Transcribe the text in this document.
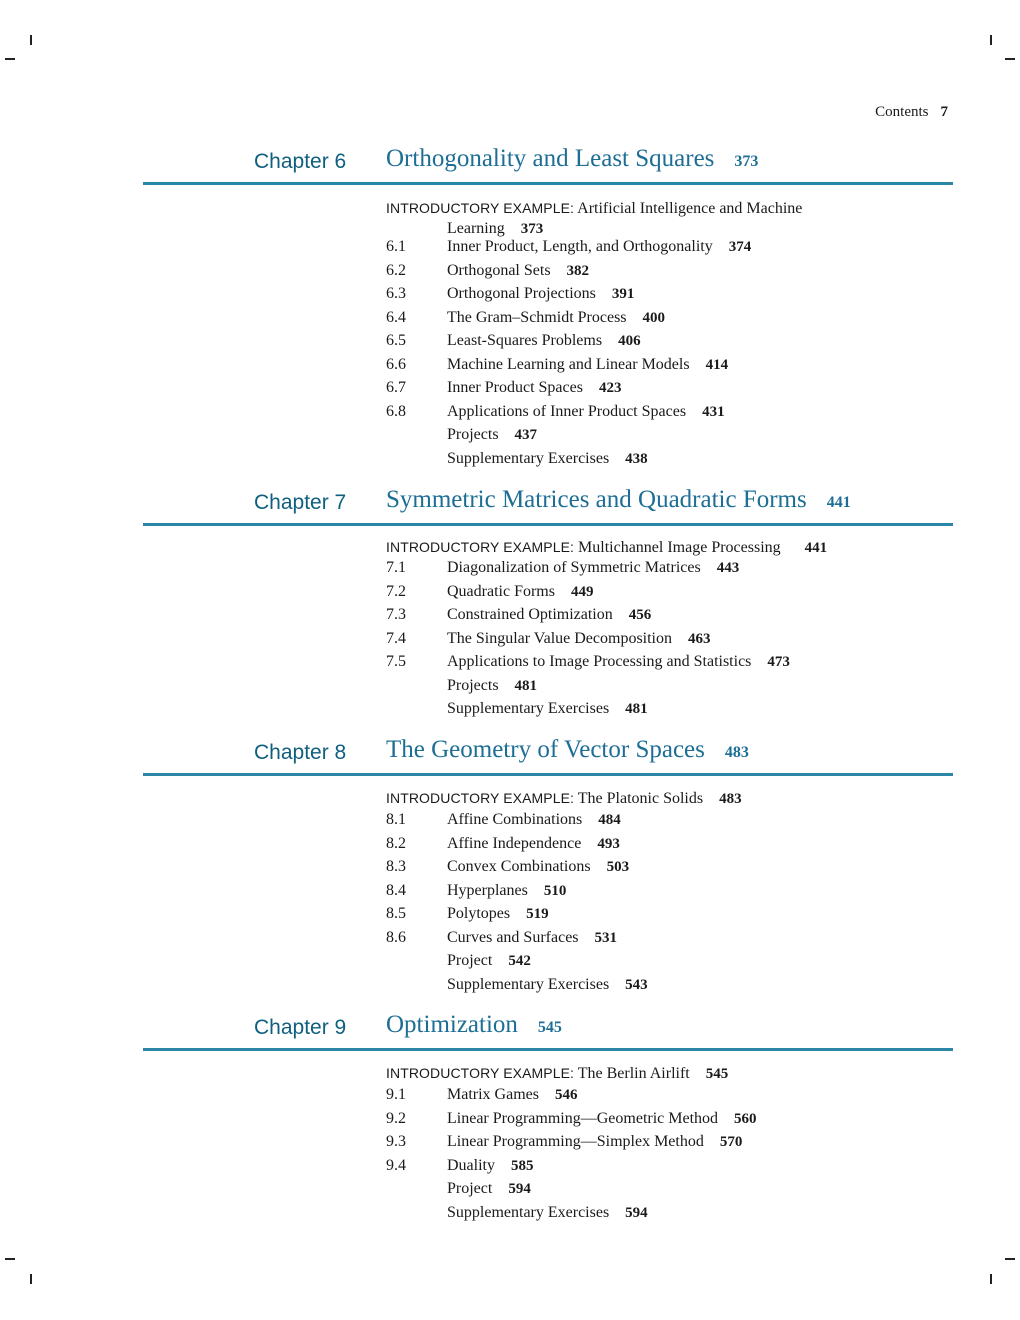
Contents 7
Chapter 6 Orthogonality and Least Squares 373
INTRODUCTORY EXAMPLE: Artificial Intelligence and Machine
Learning 373
6.1	Inner Product, Length, and Orthogonality 374
6.2	Orthogonal Sets 382
6.3	Orthogonal Projections 391
6.4	The Gram–Schmidt Process 400
6.5	Least-Squares Problems 406
6.6	Machine Learning and Linear Models 414
6.7	Inner Product Spaces 423
6.8	Applications of Inner Product Spaces 431
Projects 437
Supplementary Exercises 438
Chapter 7 Symmetric Matrices and Quadratic Forms 441
INTRODUCTORY EXAMPLE: Multichannel Image Processing 441
7.1	Diagonalization of Symmetric Matrices 443
7.2	Quadratic Forms 449
7.3	Constrained Optimization 456
7.4	The Singular Value Decomposition 463
7.5	Applications to Image Processing and Statistics 473
Projects 481
Supplementary Exercises 481
Chapter 8 The Geometry of Vector Spaces 483
INTRODUCTORY EXAMPLE: The Platonic Solids 483
8.1	Affine Combinations 484
8.2	Affine Independence 493
8.3	Convex Combinations 503
8.4	Hyperplanes 510
8.5	Polytopes 519
8.6	Curves and Surfaces 531
Project 542
Supplementary Exercises 543
Chapter 9 Optimization 545
INTRODUCTORY EXAMPLE: The Berlin Airlift 545
9.1	Matrix Games 546
9.2	Linear Programming—Geometric Method 560
9.3	Linear Programming—Simplex Method 570
9.4	Duality 585
Project 594
Supplementary Exercises 594
